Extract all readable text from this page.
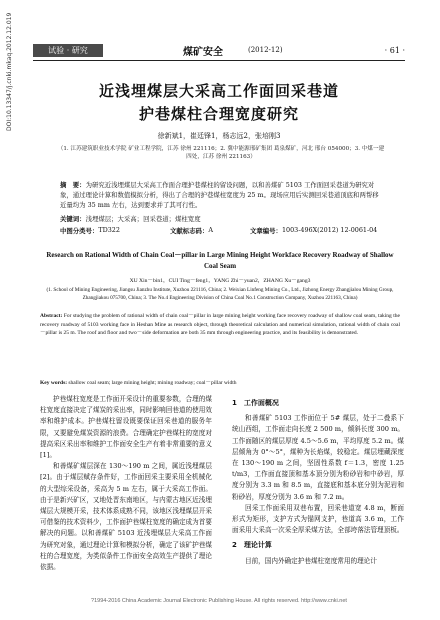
DOI:10.13347/j.cnki.mkaq.2012.12.019	试验 · 研究	煤矿安全	(2012-12)	· 61 ·
近浅埋煤层大采高工作面回采巷道
护巷煤柱合理宽度研究
徐新斌1，崔廷锋1，杨志远2，张培刚3
（1. 江苏建筑职业技术学院 矿业工程学院，江苏 徐州 221116；2. 冀中能源邢矿集团 葛泉煤矿，河北 邢台 054000；3. 中煤一建四处，江苏 徐州 221163）
摘　要：为研究近浅埋煤层大采高工作面合理护巷煤柱的留设问题，以和善煤矿 5103 工作面回采巷道为研究对象，通过理论计算和数值模拟分析，得出了合理的护巷煤柱宽度为 25 m。现场应用后实测回采巷道顶底和两帮移近量均为 35 mm 左右，达到要求并了其可行性。
关键词：浅埋煤层；大采高；回采巷道；煤柱宽度
中图分类号： TD322	文献标志码： A	文章编号： 1003-496X(2012) 12-0061-04
Research on Rational Width of Chain Coal－pillar in Large Mining Height Workface Recovery Roadway of Shallow Coal Seam
XU Xin－bin1，CUI Ting－feng1，YANG Zhi－yuan2，ZHANG Xu－gang3
(1. School of Mining Engineering, Jiangsu Jianzhu Institute, Xuzhou 221116, China; 2. Weixian Linfeng Mining Co., Ltd., Jizhong Energy Zhangjialou Mining Group, Zhangjiakou 075700, China; 3. The No.4 Engineering Division of China Coal No.1 Construction Company, Xuzhou 221163, China)
Abstract: For studying the problem of rational width of chain coal－pillar in large mining height working face recovery roadway of shallow coal seam, taking the recovery roadway of 5103 working face in Heshan Mine as research object, through theoretical calculation and numerical simulation, rational width of chain coal－pillar is 25 m. The roof and floor and two－side deformation are both 35 mm through engineering practice, and its feasibility is demonstrated.
Key words: shallow coal seam; large mining height; mining roadway; coal－pillar width

护巷煤柱宽度是工作面开采设计的重要参数，合理的煤柱宽度直接决定了煤炭的采出率，同时影响回巷道的使用效率和维护成本。护巷煤柱留设既要保证回采巷道的服务年限，又要避免煤炭资源的浪费。合理确定护巷煤柱的宽度对提高采区采出率和维护工作面安全生产有着非常重要的意义[1]。

和善煤矿煤层深在 130～190 m 之间，属近浅埋煤层[2]。由于煤层赋存条件好，工作面回采主要采用全机械化的大型综采设备，采高为 5 m 左右，属于大采高工作面。由于是新兴矿区，又地处晋东南地区，与内蒙古地区近浅埋煤层大规模开采，技术体系成熟不同，该地区浅埋煤层开采可借鉴的技术资料少，工作面护巷煤柱宽度的确定成为首要解决的问题。以和善煤矿 5103 近浅埋煤层大采高工作面为研究对象，通过理论计算和模拟分析，确定了该矿护巷煤柱的合理宽度，为类似条件工作面安全高效生产提供了理论依据。

1　工作面概况

和善煤矿 5103 工作面位于 5# 煤层，处于二叠系下统山西组，工作面走向长度 2 500 m，倾斜长度 300 m。工作面随区的煤层厚度 4.5～5.6 m，平均厚度 5.2 m。煤层倾角为 0°～5°，煤种为长焰煤，较稳定。煤层埋藏深度在 130～190 m 之间，坚固性系数 f＝1.3，密度 1.25 t/m3，工作面直接顶和基本顶分别为粉砂岩和中砂岩，厚度分别为 3.3 m 和 8.5 m，直接底和基本底分别为泥岩和粉砂岩，厚度分别为 3.6 m 和 7.2 m。

回采工作面采用双巷布置，回采巷道宽 4.8 m，断面形式为矩形，支护方式为锚网支护，巷道高 3.6 m，工作面采用大采高一次采全厚采煤方法，全部垮落法管理顶板。

2　理论计算

目前，国内外确定护巷煤柱宽度常用的理论计

?1994-2016 China Academic Journal Electronic Publishing House. All rights reserved. http://www.cnki.net
